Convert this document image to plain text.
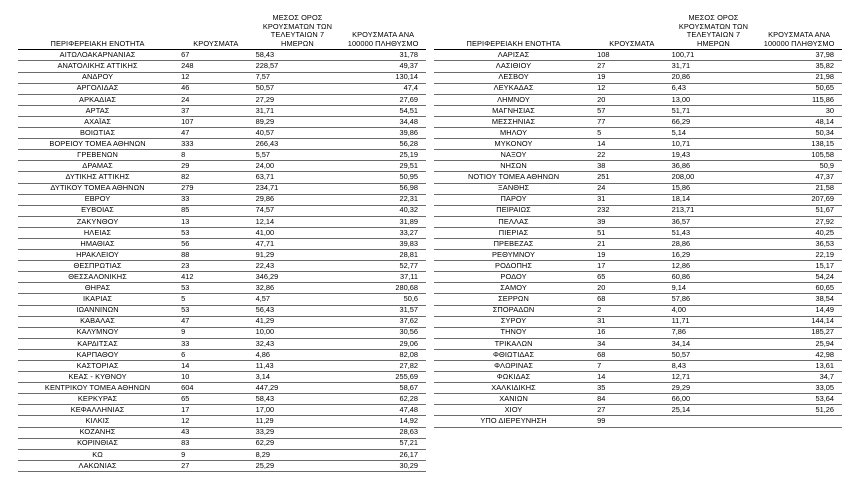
ΠΕΡΙΦΕΡΕΙΑΚΗ ΕΝΟΤΗΤΑ	ΚΡΟΥΣΜΑΤΑ	ΜΕΣΟΣ ΟΡΟΣ ΚΡΟΥΣΜΑΤΩΝ ΤΩΝ ΤΕΛΕΥΤΑΙΩΝ 7 ΗΜΕΡΩΝ	ΚΡΟΥΣΜΑΤΑ ΑΝΑ 100000 ΠΛΗΘΥΣΜΟ
ΑΙΤΩΛΟΑΚΑΡΝΑΝΙΑΣ	67	58,43	31,78
ΑΝΑΤΟΛΙΚΗΣ ΑΤΤΙΚΗΣ	248	228,57	49,37
ΑΝΔΡΟΥ	12	7,57	130,14
ΑΡΓΟΛΙΔΑΣ	46	50,57	47,4
ΑΡΚΑΔΙΑΣ	24	27,29	27,69
ΑΡΤΑΣ	37	31,71	54,51
ΑΧΑΪΑΣ	107	89,29	34,48
ΒΟΙΩΤΙΑΣ	47	40,57	39,86
ΒΟΡΕΙΟΥ ΤΟΜΕΑ ΑΘΗΝΩΝ	333	266,43	56,28
ΓΡΕΒΕΝΩΝ	8	5,57	25,19
ΔΡΑΜΑΣ	29	24,00	29,51
ΔΥΤΙΚΗΣ ΑΤΤΙΚΗΣ	82	63,71	50,95
ΔΥΤΙΚΟΥ ΤΟΜΕΑ ΑΘΗΝΩΝ	279	234,71	56,98
ΕΒΡΟΥ	33	29,86	22,31
ΕΥΒΟΙΑΣ	85	74,57	40,32
ΖΑΚΥΝΘΟΥ	13	12,14	31,89
ΗΛΕΙΑΣ	53	41,00	33,27
ΗΜΑΘΙΑΣ	56	47,71	39,83
ΗΡΑΚΛΕΙΟΥ	88	91,29	28,81
ΘΕΣΠΡΩΤΙΑΣ	23	22,43	52,77
ΘΕΣΣΑΛΟΝΙΚΗΣ	412	346,29	37,11
ΘΗΡΑΣ	53	32,86	280,68
ΙΚΑΡΙΑΣ	5	4,57	50,6
ΙΩΑΝΝΙΝΩΝ	53	56,43	31,57
ΚΑΒΑΛΑΣ	47	41,29	37,62
ΚΑΛΥΜΝΟΥ	9	10,00	30,56
ΚΑΡΔΙΤΣΑΣ	33	32,43	29,06
ΚΑΡΠΑΘΟΥ	6	4,86	82,08
ΚΑΣΤΟΡΙΑΣ	14	11,43	27,82
ΚΕΑΣ - ΚΥΘΝΟΥ	10	3,14	255,69
ΚΕΝΤΡΙΚΟΥ ΤΟΜΕΑ ΑΘΗΝΩΝ	604	447,29	58,67
ΚΕΡΚΥΡΑΣ	65	58,43	62,28
ΚΕΦΑΛΛΗΝΙΑΣ	17	17,00	47,48
ΚΙΛΚΙΣ	12	11,29	14,92
ΚΟΖΑΝΗΣ	43	33,29	28,63
ΚΟΡΙΝΘΙΑΣ	83	62,29	57,21
ΚΩ	9	8,29	26,17
ΛΑΚΩΝΙΑΣ	27	25,29	30,29
ΠΕΡΙΦΕΡΕΙΑΚΗ ΕΝΟΤΗΤΑ	ΚΡΟΥΣΜΑΤΑ	ΜΕΣΟΣ ΟΡΟΣ ΚΡΟΥΣΜΑΤΩΝ ΤΩΝ ΤΕΛΕΥΤΑΙΩΝ 7 ΗΜΕΡΩΝ	ΚΡΟΥΣΜΑΤΑ ΑΝΑ 100000 ΠΛΗΘΥΣΜΟ
ΛΑΡΙΣΑΣ	108	100,71	37,98
ΛΑΣΙΘΙΟΥ	27	31,71	35,82
ΛΕΣΒΟΥ	19	20,86	21,98
ΛΕΥΚΑΔΑΣ	12	6,43	50,65
ΛΗΜΝΟΥ	20	13,00	115,86
ΜΑΓΝΗΣΙΑΣ	57	51,71	30
ΜΕΣΣΗΝΙΑΣ	77	66,29	48,14
ΜΗΛΟΥ	5	5,14	50,34
ΜΥΚΟΝΟΥ	14	10,71	138,15
ΝΑΞΟΥ	22	19,43	105,58
ΝΗΣΩΝ	38	36,86	50,9
ΝΟΤΙΟΥ ΤΟΜΕΑ ΑΘΗΝΩΝ	251	208,00	47,37
ΞΑΝΘΗΣ	24	15,86	21,58
ΠΑΡΟΥ	31	18,14	207,69
ΠΕΙΡΑΙΩΣ	232	213,71	51,67
ΠΕΛΛΑΣ	39	36,57	27,92
ΠΙΕΡΙΑΣ	51	51,43	40,25
ΠΡΕΒΕΖΑΣ	21	28,86	36,53
ΡΕΘΥΜΝΟΥ	19	16,29	22,19
ΡΟΔΟΠΗΣ	17	12,86	15,17
ΡΟΔΟΥ	65	60,86	54,24
ΣΑΜΟΥ	20	9,14	60,65
ΣΕΡΡΩΝ	68	57,86	38,54
ΣΠΟΡΑΔΩΝ	2	4,00	14,49
ΣΥΡΟΥ	31	11,71	144,14
ΤΗΝΟΥ	16	7,86	185,27
ΤΡΙΚΑΛΩΝ	34	34,14	25,94
ΦΘΙΩΤΙΔΑΣ	68	50,57	42,98
ΦΛΩΡΙΝΑΣ	7	8,43	13,61
ΦΩΚΙΔΑΣ	14	12,71	34,7
ΧΑΛΚΙΔΙΚΗΣ	35	29,29	33,05
ΧΑΝΙΩΝ	84	66,00	53,64
ΧΙΟΥ	27	25,14	51,26
ΥΠΟ ΔΙΕΡΕΥΝΗΣΗ	99		
